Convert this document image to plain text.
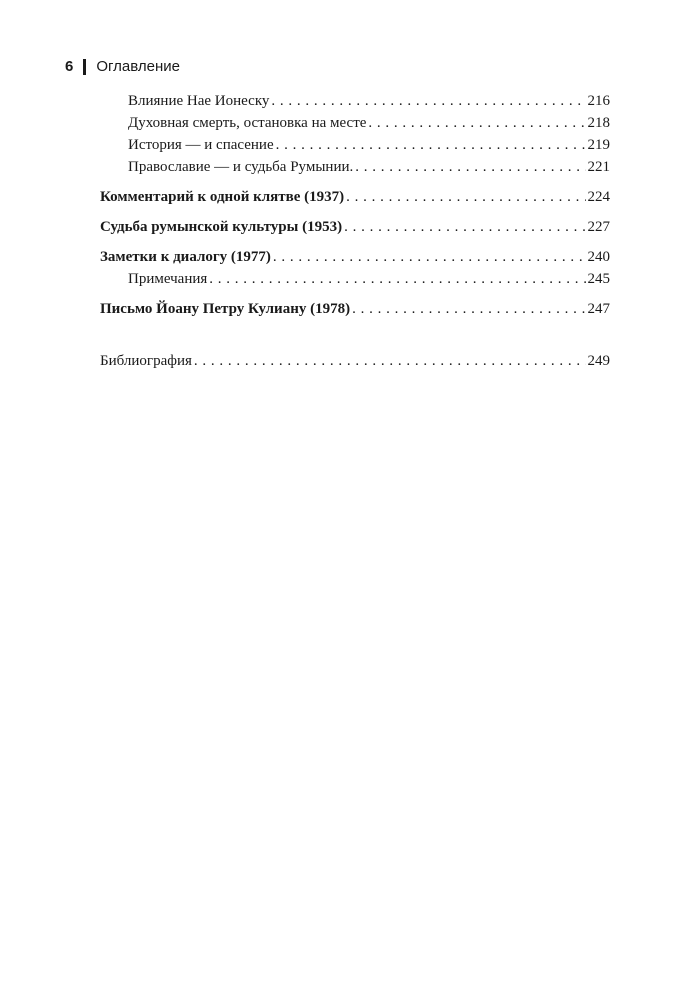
6 Оглавление
Влияние Нае Ионеску . . .	216
Духовная смерть, остановка на месте . . .	218
История — и спасение . . .	219
Православие — и судьба Румынии. . . .	221
Комментарий к одной клятве (1937) . . .	224
Судьба румынской культуры (1953) . . .	227
Заметки к диалогу (1977) . . .	240
Примечания . . .	245
Письмо Йоану Петру Кулиану (1978) . . .	247
Библиография . . .	249
